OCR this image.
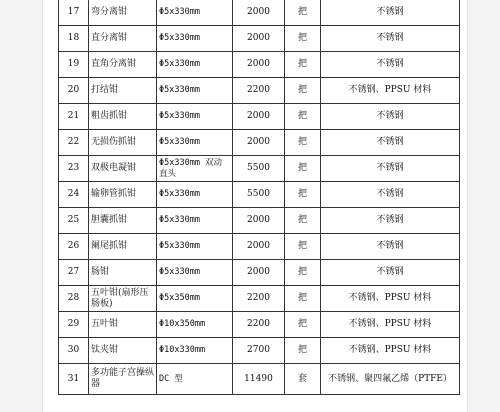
17	弯分离钳	Φ5x330mm	2000	把	不锈钢
18	直分离钳	Φ5x330mm	2000	把	不锈钢
19	直角分离钳	Φ5x330mm	2000	把	不锈钢
20	打结钳	Φ5x330mm	2200	把	不锈钢、PPSU 材料
21	粗齿抓钳	Φ5x330mm	2000	把	不锈钢
22	无损伤抓钳	Φ5x330mm	2000	把	不锈钢
23	双极电凝钳	Φ5x330mm 双动直头	5500	把	不锈钢
24	输卵管抓钳	Φ5x330mm	5500	把	不锈钢
25	胆囊抓钳	Φ5x330mm	2000	把	不锈钢
26	阑尾抓钳	Φ5x330mm	2000	把	不锈钢
27	肠钳	Φ5x330mm	2000	把	不锈钢
28	五叶钳(扇形压肠板)	Φ5x350mm	2200	把	不锈钢、PPSU 材料
29	五叶钳	Φ10x350mm	2200	把	不锈钢、PPSU 材料
30	钛夹钳	Φ10x330mm	2700	把	不锈钢、PPSU 材料
31	多功能子宫操纵器	DC 型	11490	套	不锈钢、聚四氟乙烯（PTFE）
